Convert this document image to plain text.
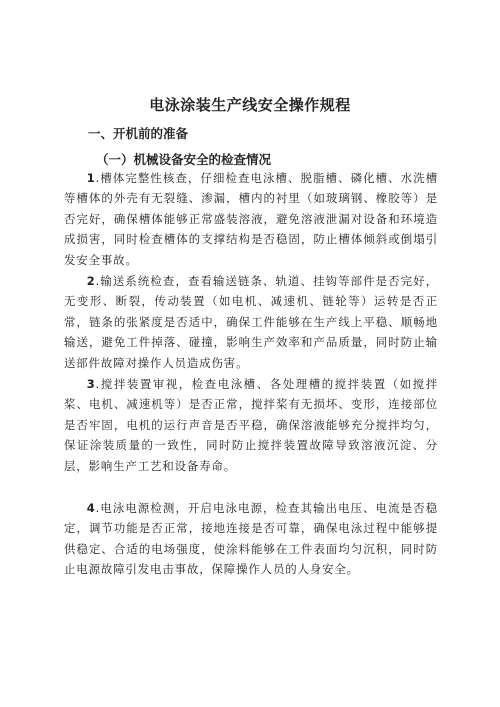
电泳涂装生产线安全操作规程
一、开机前的准备
（一）机械设备安全的检查情况

1.槽体完整性核查，仔细检查电泳槽、脱脂槽、磷化槽、水洗槽等槽体的外壳有无裂缝、渗漏，槽内的衬里（如玻璃钢、橡胶等）是否完好，确保槽体能够正常盛装溶液，避免溶液泄漏对设备和环境造成损害，同时检查槽体的支撑结构是否稳固，防止槽体倾斜或倒塌引发安全事故。

2.输送系统检查，查看输送链条、轨道、挂钩等部件是否完好，无变形、断裂，传动装置（如电机、减速机、链轮等）运转是否正常，链条的张紧度是否适中，确保工件能够在生产线上平稳、顺畅地输送，避免工件掉落、碰撞，影响生产效率和产品质量，同时防止输送部件故障对操作人员造成伤害。

3.搅拌装置审视，检查电泳槽、各处理槽的搅拌装置（如搅拌桨、电机、减速机等）是否正常，搅拌桨有无损坏、变形，连接部位是否牢固，电机的运行声音是否平稳，确保溶液能够充分搅拌均匀，保证涂装质量的一致性，同时防止搅拌装置故障导致溶液沉淀、分层，影响生产工艺和设备寿命。

4.电泳电源检测，开启电泳电源，检查其输出电压、电流是否稳定，调节功能是否正常，接地连接是否可靠，确保电泳过程中能够提供稳定、合适的电场强度，使涂料能够在工件表面均匀沉积，同时防止电源故障引发电击事故，保障操作人员的人身安全。
